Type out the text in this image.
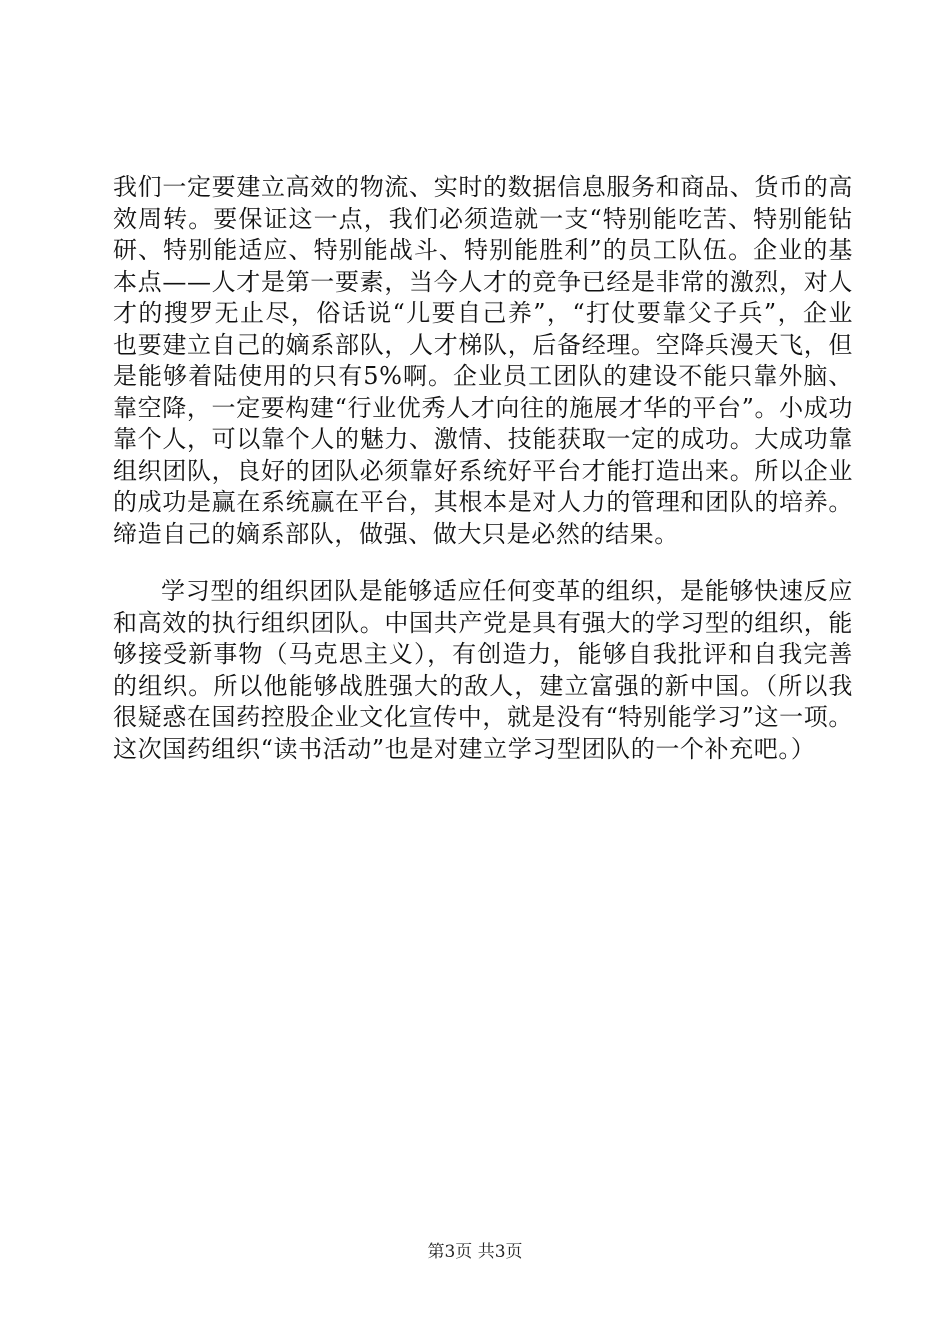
我们一定要建立高效的物流、实时的数据信息服务和商品、货币的高效周转。要保证这一点，我们必须造就一支“特别能吃苦、特别能钻研、特别能适应、特别能战斗、特别能胜利”的员工队伍。企业的基本点——人才是第一要素，当今人才的竞争已经是非常的激烈，对人才的搜罗无止尽，俗话说“儿要自己养”，“打仗要靠父子兵”，企业也要建立自己的嫡系部队，人才梯队，后备经理。空降兵漫天飞，但是能够着陆使用的只有5%啊。企业员工团队的建设不能只靠外脑、靠空降，一定要构建“行业优秀人才向往的施展才华的平台”。小成功靠个人，可以靠个人的魅力、激情、技能获取一定的成功。大成功靠组织团队，良好的团队必须靠好系统好平台才能打造出来。所以企业的成功是赢在系统赢在平台，其根本是对人力的管理和团队的培养。缔造自己的嫡系部队，做强、做大只是必然的结果。

学习型的组织团队是能够适应任何变革的组织，是能够快速反应和高效的执行组织团队。中国共产党是具有强大的学习型的组织，能够接受新事物（马克思主义），有创造力，能够自我批评和自我完善的组织。所以他能够战胜强大的敌人，建立富强的新中国。（所以我很疑惑在国药控股企业文化宣传中，就是没有“特别能学习”这一项。这次国药组织“读书活动”也是对建立学习型团队的一个补充吧。）

第3页 共3页
